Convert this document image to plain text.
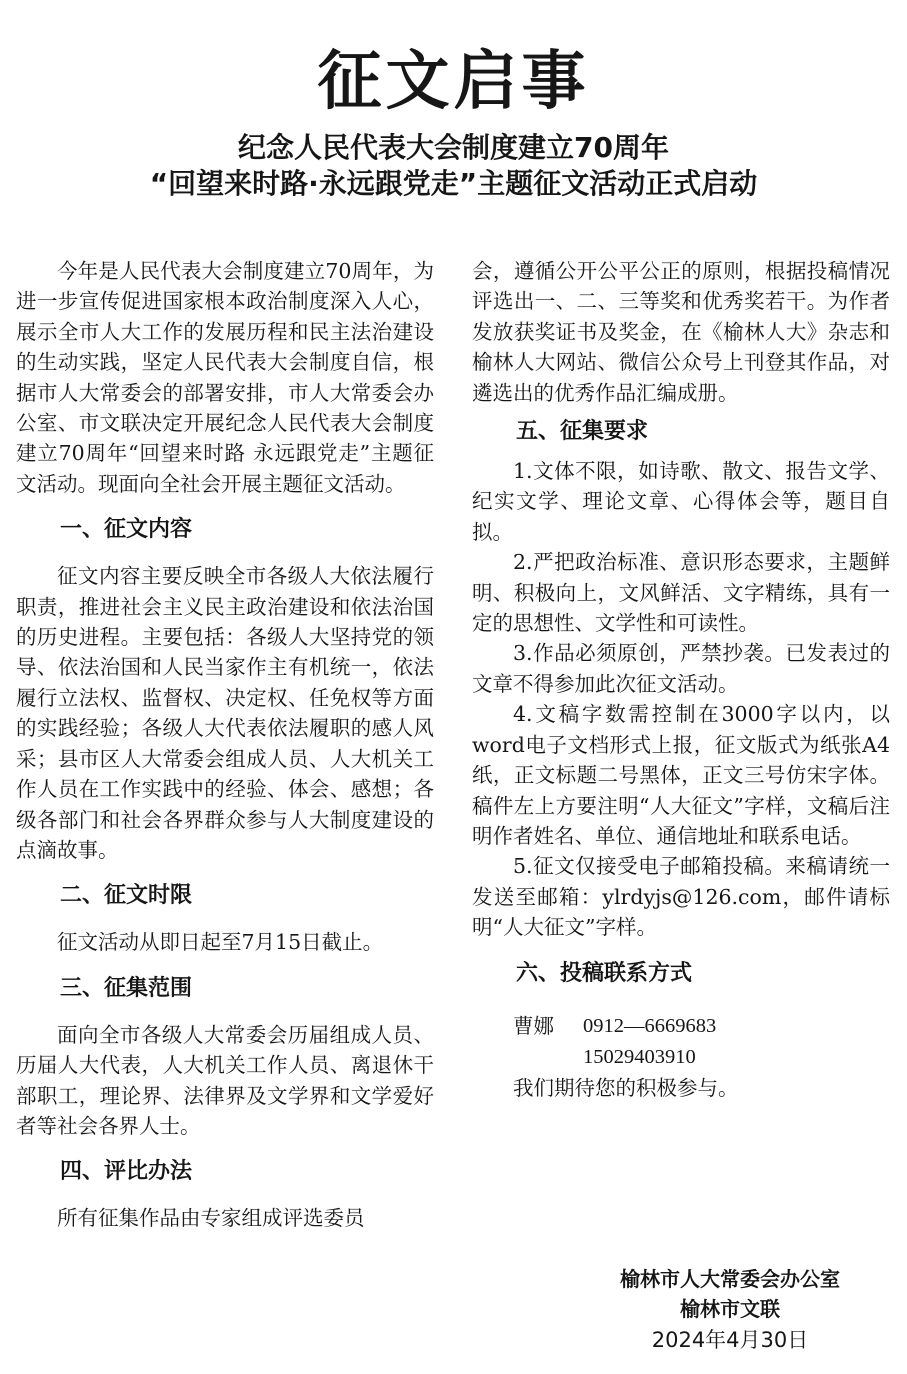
征文启事
纪念人民代表大会制度建立70周年
“回望来时路·永远跟党走”主题征文活动正式启动

今年是人民代表大会制度建立70周年，为进一步宣传促进国家根本政治制度深入人心，展示全市人大工作的发展历程和民主法治建设的生动实践，坚定人民代表大会制度自信，根据市人大常委会的部署安排，市人大常委会办公室、市文联决定开展纪念人民代表大会制度建立70周年“回望来时路 永远跟党走”主题征文活动。现面向全社会开展主题征文活动。

一、征文内容

征文内容主要反映全市各级人大依法履行职责，推进社会主义民主政治建设和依法治国的历史进程。主要包括：各级人大坚持党的领导、依法治国和人民当家作主有机统一，依法履行立法权、监督权、决定权、任免权等方面的实践经验；各级人大代表依法履职的感人风采；县市区人大常委会组成人员、人大机关工作人员在工作实践中的经验、体会、感想；各级各部门和社会各界群众参与人大制度建设的点滴故事。

二、征文时限

征文活动从即日起至7月15日截止。

三、征集范围

面向全市各级人大常委会历届组成人员、历届人大代表，人大机关工作人员、离退休干部职工，理论界、法律界及文学界和文学爱好者等社会各界人士。

四、评比办法

所有征集作品由专家组成评选委员

会，遵循公开公平公正的原则，根据投稿情况评选出一、二、三等奖和优秀奖若干。为作者发放获奖证书及奖金，在《榆林人大》杂志和榆林人大网站、微信公众号上刊登其作品，对遴选出的优秀作品汇编成册。

五、征集要求

1.文体不限，如诗歌、散文、报告文学、纪实文学、理论文章、心得体会等，题目自拟。

2.严把政治标准、意识形态要求，主题鲜明、积极向上，文风鲜活、文字精练，具有一定的思想性、文学性和可读性。

3.作品必须原创，严禁抄袭。已发表过的文章不得参加此次征文活动。

4.文稿字数需控制在3000字以内，以word电子文档形式上报，征文版式为纸张A4纸，正文标题二号黑体，正文三号仿宋字体。稿件左上方要注明“人大征文”字样，文稿后注明作者姓名、单位、通信地址和联系电话。

5.征文仅接受电子邮箱投稿。来稿请统一发送至邮箱：ylrdyjs@126.com，邮件请标明“人大征文”字样。

六、投稿联系方式
曹娜	0912—6669683
15029403910
我们期待您的积极参与。
榆林市人大常委会办公室
榆林市文联
2024年4月30日
